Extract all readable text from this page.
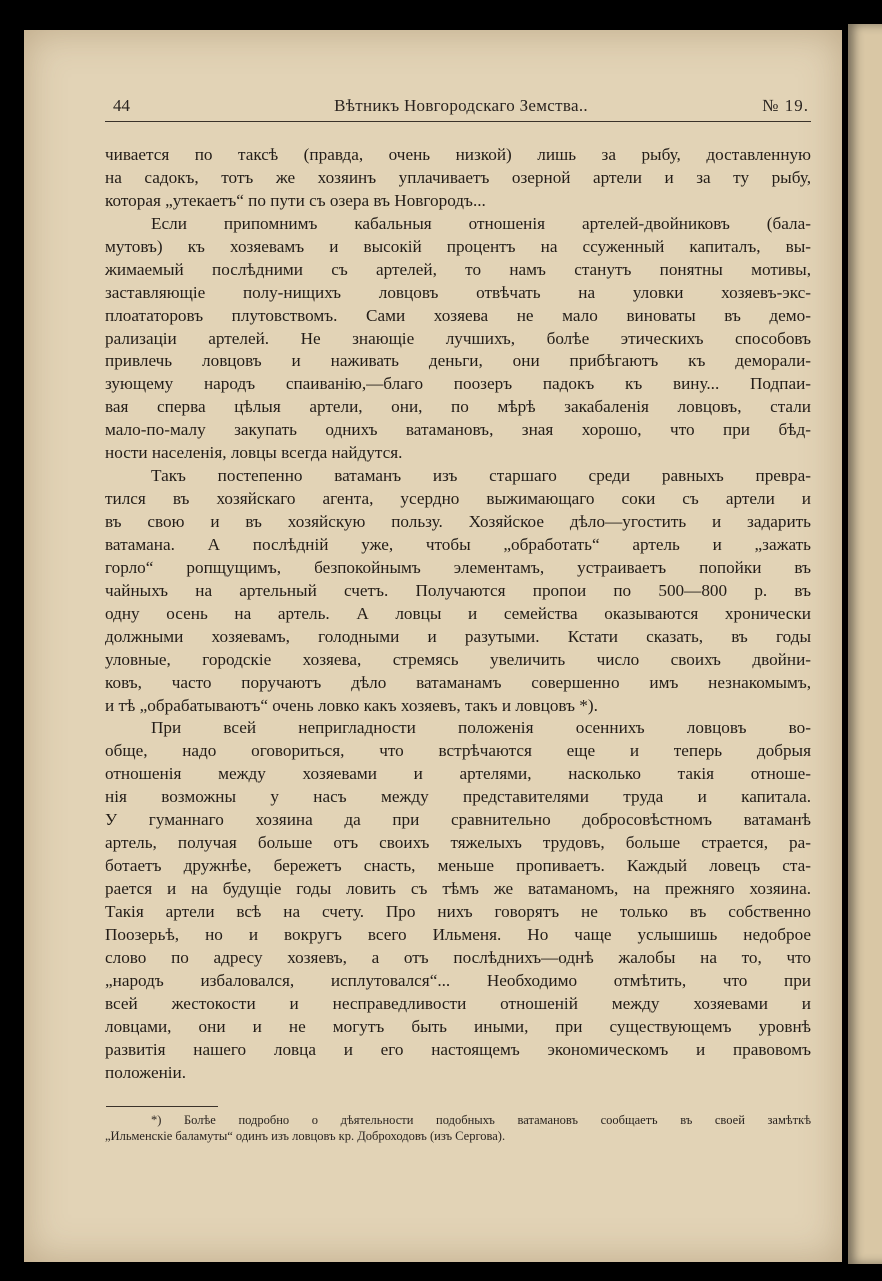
44	Вѣтникъ Новгородскаго Земства..	№ 19.
чивается по таксѣ (правда, очень низкой) лишь за рыбу, доставленную
на садокъ, тотъ же хозяинъ уплачиваетъ озерной артели и за ту рыбу,
которая „утекаетъ“ по пути съ озера въ Новгородъ...
Если припомнимъ кабальныя отношенія артелей-двойниковъ (бала-
мутовъ) къ хозяевамъ и высокій процентъ на ссуженный капиталъ, вы-
жимаемый послѣдними съ артелей, то намъ станутъ понятны мотивы,
заставляющіе полу-нищихъ ловцовъ отвѣчать на уловки хозяевъ-экс-
плоататоровъ плутовствомъ. Сами хозяева не мало виноваты въ демо-
рализаціи артелей. Не знающіе лучшихъ, болѣе этическихъ способовъ
привлечь ловцовъ и наживать деньги, они прибѣгаютъ къ деморали-
зующему народъ спаиванію,—благо поозеръ падокъ къ вину... Подпаи-
вая сперва цѣлыя артели, они, по мѣрѣ закабаленія ловцовъ, стали
мало-по-малу закупать однихъ ватамановъ, зная хорошо, что при бѣд-
ности населенія, ловцы всегда найдутся.
Такъ постепенно ватаманъ изъ старшаго среди равныхъ превра-
тился въ хозяйскаго агента, усердно выжимающаго соки съ артели и
въ свою и въ хозяйскую пользу. Хозяйское дѣло—угостить и задарить
ватамана. А послѣдній уже, чтобы „обработать“ артель и „зажать
горло“ ропщущимъ, безпокойнымъ элементамъ, устраиваетъ попойки въ
чайныхъ на артельный счетъ. Получаются пропои по 500—800 р. въ
одну осень на артель. А ловцы и семейства оказываются хронически
должными хозяевамъ, голодными и разутыми. Кстати сказать, въ годы
уловные, городскіе хозяева, стремясь увеличить число своихъ двойни-
ковъ, часто поручаютъ дѣло ватаманамъ совершенно имъ незнакомымъ,
и тѣ „обрабатываютъ“ очень ловко какъ хозяевъ, такъ и ловцовъ *).
При всей непригладности положенія осеннихъ ловцовъ во-
обще, надо оговориться, что встрѣчаются еще и теперь добрыя
отношенія между хозяевами и артелями, насколько такія отноше-
нія возможны у насъ между представителями труда и капитала.
У гуманнаго хозяина да при сравнительно добросовѣстномъ ватаманѣ
артель, получая больше отъ своихъ тяжелыхъ трудовъ, больше страется, ра-
ботаетъ дружнѣе, бережетъ снасть, меньше пропиваетъ. Каждый ловецъ ста-
рается и на будущіе годы ловить съ тѣмъ же ватаманомъ, на прежняго хозяина.
Такія артели всѣ на счету. Про нихъ говорятъ не только въ собственно
Поозерьѣ, но и вокругъ всего Ильменя. Но чаще услышишь недоброе
слово по адресу хозяевъ, а отъ послѣднихъ—однѣ жалобы на то, что
„народъ избаловался, исплутовался“... Необходимо отмѣтить, что при
всей жестокости и несправедливости отношеній между хозяевами и
ловцами, они и не могутъ быть иными, при существующемъ уровнѣ
развитія нашего ловца и его настоящемъ экономическомъ и правовомъ
положеніи.
*) Болѣе подробно о дѣятельности подобныхъ ватамановъ сообщаетъ въ своей замѣткѣ
„Ильменскіе баламуты“ одинъ изъ ловцовъ кр. Доброходовъ (изъ Сергова).
